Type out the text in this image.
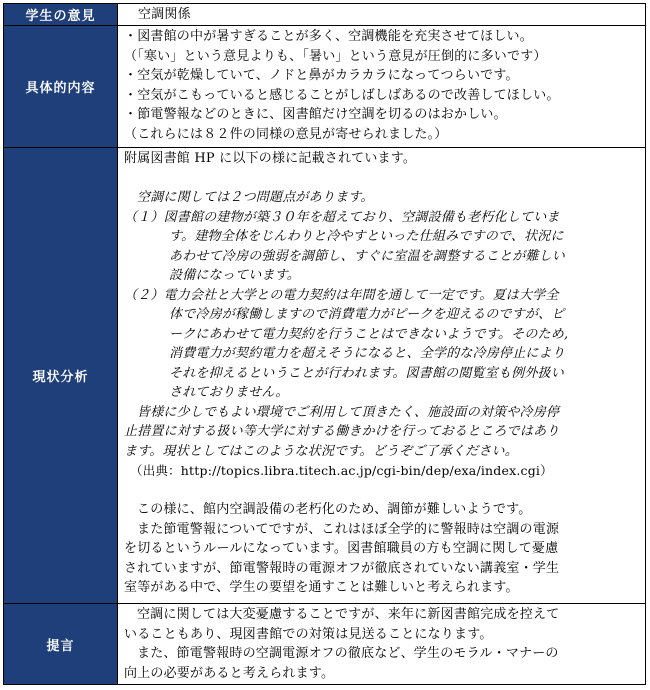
学生の意見	空調関係
具体的内容
・図書館の中が暑すぎることが多く、空調機能を充実させてほしい。
（「寒い」という意見よりも、「暑い」という意見が圧倒的に多いです）
・空気が乾燥していて、ノドと鼻がカラカラになってつらいです。
・空気がこもっていると感じることがしばしばあるので改善してほしい。
・節電警報などのときに、図書館だけ空調を切るのはおかしい。
（これらには８２件の同様の意見が寄せられました。）
現状分析
附属図書館 HP に以下の様に記載されています。
空調に関しては２つ問題点があります。
（１）図書館の建物が築３０年を超えており、空調設備も老朽化していま
す。建物全体をじんわりと冷やすといった仕組みですので、状況に
あわせて冷房の強弱を調節し、すぐに室温を調整することが難しい
設備になっています。
（２）電力会社と大学との電力契約は年間を通して一定です。夏は大学全
体で冷房が稼働しますので消費電力がピークを迎えるのですが、ピ
ークにあわせて電力契約を行うことはできないようです。そのため,
消費電力が契約電力を超えそうになると、全学的な冷房停止により
それを抑えるということが行われます。図書館の閲覧室も例外扱い
されておりません。
皆様に少しでもよい環境でご利用して頂きたく、施設面の対策や冷房停
止措置に対する扱い等大学に対する働きかけを行っておるところではあり
ます。現状としてはこのような状況です。どうぞご了承ください。
（出典：http://topics.libra.titech.ac.jp/cgi-bin/dep/exa/index.cgi）
この様に、館内空調設備の老朽化のため、調節が難しいようです。
また節電警報についてですが、これはほぼ全学的に警報時は空調の電源
を切るというルールになっています。図書館職員の方も空調に関して憂慮
されていますが、節電警報時の電源オフが徹底されていない講義室・学生
室等がある中で、学生の要望を通すことは難しいと考えられます。
提言
空調に関しては大変憂慮することですが、来年に新図書館完成を控えて
いることもあり、現図書館での対策は見送ることになります。
また、節電警報時の空調電源オフの徹底など、学生のモラル・マナーの
向上の必要があると考えられます。
